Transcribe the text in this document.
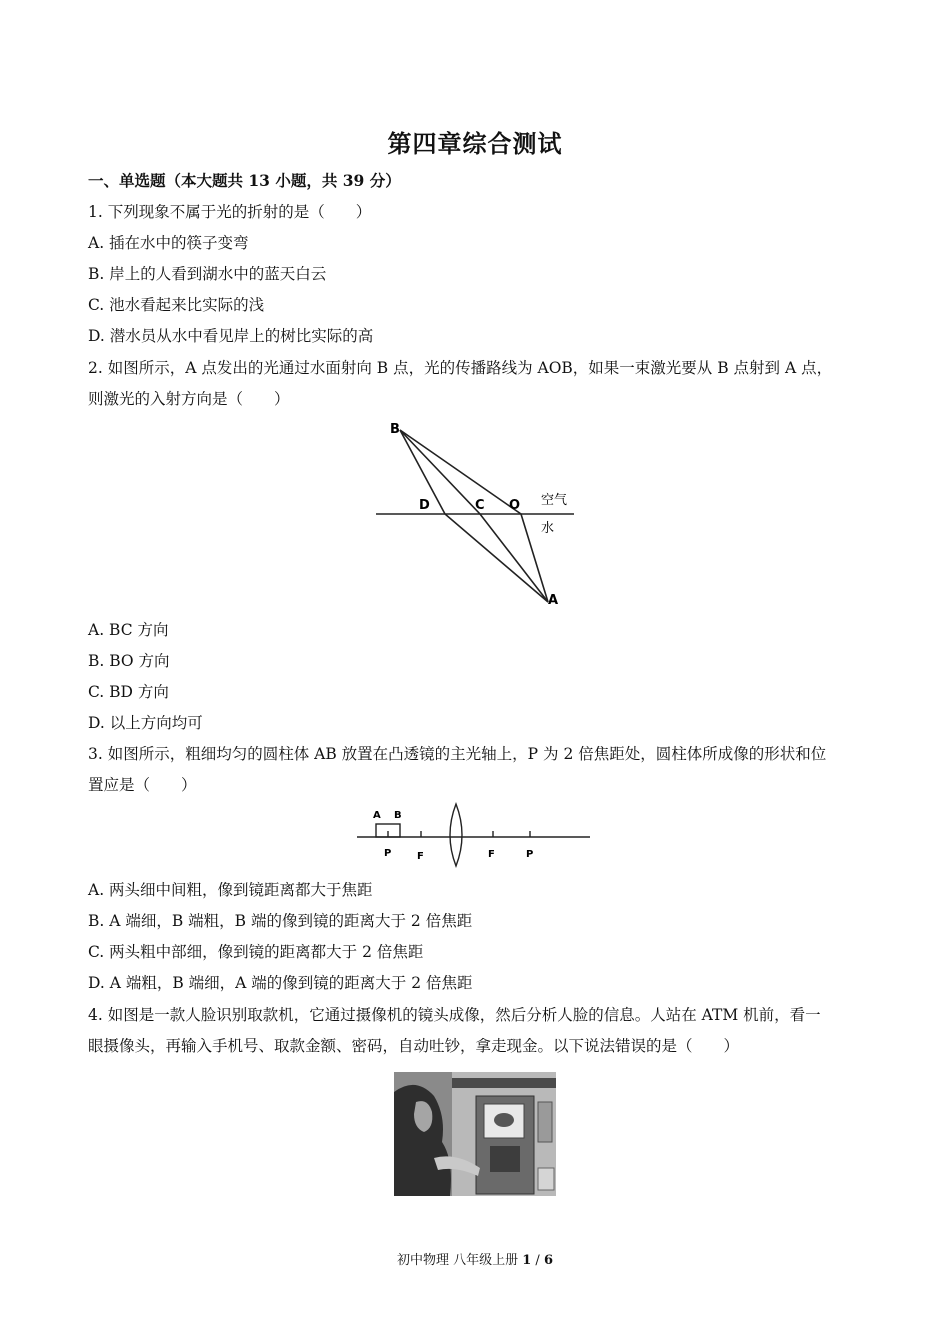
第四章综合测试
一、单选题（本大题共 13 小题，共 39 分）
1. 下列现象不属于光的折射的是（　　）
A. 插在水中的筷子变弯
B. 岸上的人看到湖水中的蓝天白云
C. 池水看起来比实际的浅
D. 潜水员从水中看见岸上的树比实际的高
2. 如图所示，A 点发出的光通过水面射向 B 点，光的传播路线为 AOB，如果一束激光要从 B 点射到 A 点，
则激光的入射方向是（　　）
B
D	C O 空气
水
A
A. BC 方向
B. BO 方向
C. BD 方向
D. 以上方向均可
3. 如图所示，粗细均匀的圆柱体 AB 放置在凸透镜的主光轴上，P 为 2 倍焦距处，圆柱体所成像的形状和位
置应是（　　）
A B
P	F	F	P
A. 两头细中间粗，像到镜距离都大于焦距
B. A 端细，B 端粗，B 端的像到镜的距离大于 2 倍焦距
C. 两头粗中部细，像到镜的距离都大于 2 倍焦距
D. A 端粗，B 端细，A 端的像到镜的距离大于 2 倍焦距
4. 如图是一款人脸识别取款机，它通过摄像机的镜头成像，然后分析人脸的信息。人站在 ATM 机前，看一
眼摄像头，再输入手机号、取款金额、密码，自动吐钞，拿走现金。以下说法错误的是（　　）
初中物理 八年级上册 1 / 6
